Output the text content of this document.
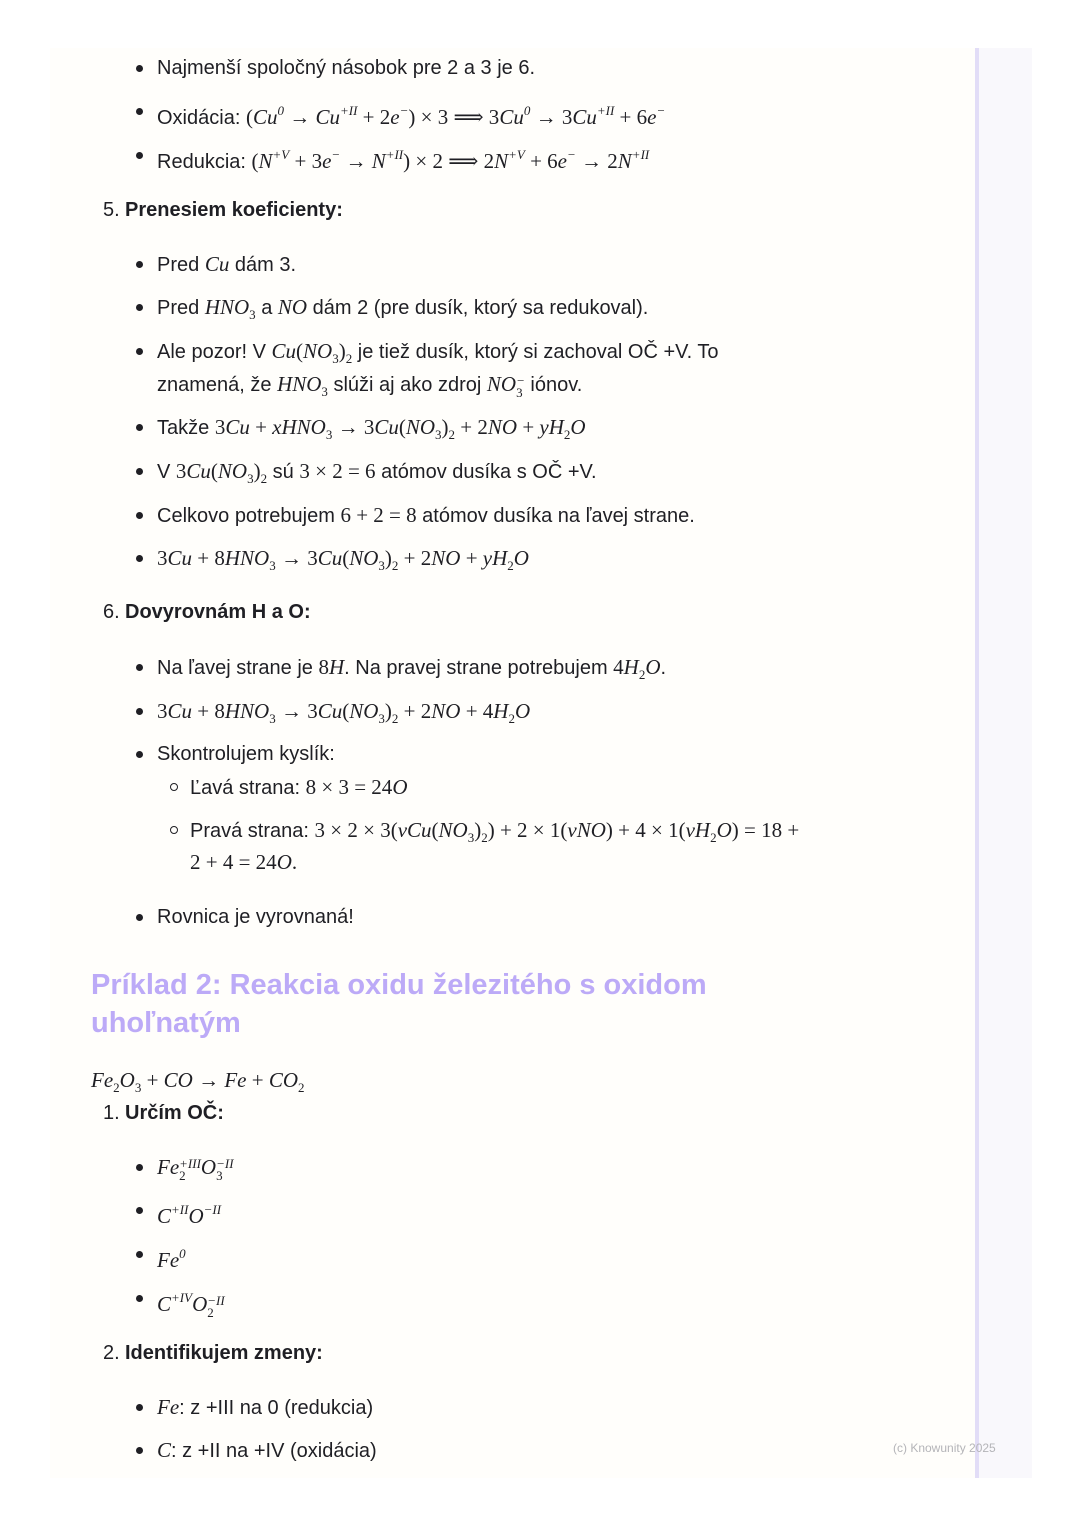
Najmenší spoločný násobok pre 2 a 3 je 6.
Oxidácia: $(Cu^0 \to Cu^{+II} + 2e^-) \times 3$ ⟹ $3Cu^0 \to 3Cu^{+II} + 6e^-$
Redukcia: $(N^{+V} + 3e^- \to N^{+II}) \times 2$ ⟹ $2N^{+V} + 6e^- \to 2N^{+II}$
5. Prenesiem koeficienty:
Pred Cu dám 3.
Pred $HNO_3$ a NO dám 2 (pre dusík, ktorý sa redukoval).
Ale pozor! V $Cu(NO_3)_2$ je tiež dusík, ktorý si zachoval OČ +V. To
znamená, že $HNO_3$ slúži aj ako zdroj NO −
3 iónov.
Takže 3Cu + xHNO$_3$ → $3Cu(NO_3)_2 + 2NO + yH_2O$
V $3Cu(NO_3)_2$ sú 3 × 2 = 6 atómov dusíka s OČ +V.
Celkovo potrebujem 6 + 2 = 8 atómov dusíka na ľavej strane.
$3Cu + 8HNO_3 \to 3Cu(NO_3)_2 + 2NO + yH_2O$
6. Dovyrovnám H a O:
Na ľavej strane je 8H. Na pravej strane potrebujem $4H_2O$.
$3Cu + 8HNO_3 \to 3Cu(NO_3)_2 + 2NO + 4H_2O$
Skontrolujem kyslík:
Ľavá strana: 8 × 3 = 24O
Pravá strana: $3 \times 2 \times 3(vCu(NO_3)_2) + 2 \times 1(vNO) + 4 \times 1(vH_2O) = 18$ +
2 + 4 = 24O.
Rovnica je vyrovnaná!
Príklad 2: Reakcia oxidu železitého s oxidom uhoľnatým
$Fe_2O_3$ + CO → $Fe + CO_2$
1. Určím OČ:
Fe +III
2 O −II
3
$C^{+II}O^{-II}$
Fe$^0$
$C^{+IV}O -II$
2
2. Identifikujem zmeny:
Fe: z +III na 0 (redukcia)
C: z +II na +IV (oxidácia)	(c) Knowunity 2025
